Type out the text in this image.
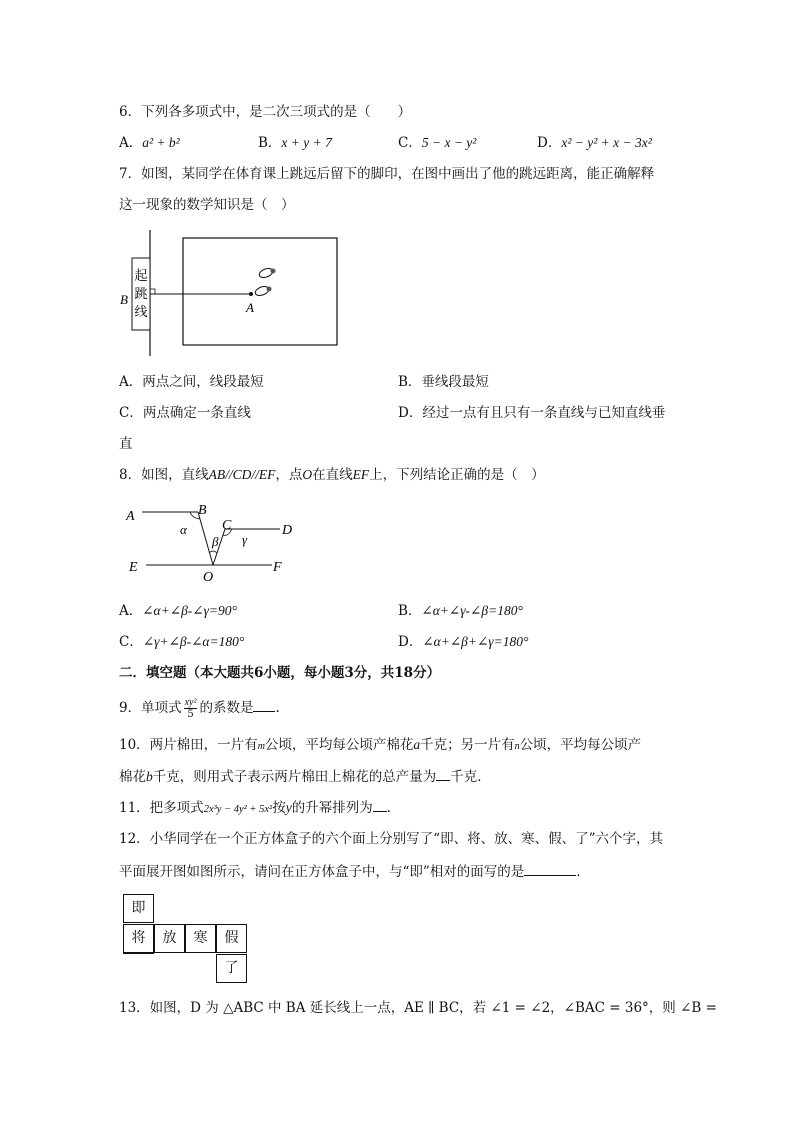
6．下列各多项式中，是二次三项式的是（　　）
A．a² + b²	B．x + y + 7	C．5 − x − y²	D．x² − y² + x − 3x²
7．如图，某同学在体育课上跳远后留下的脚印，在图中画出了他的跳远距离，能正确解释
这一现象的数学知识是（　）
起
跳
线
B
A
A．两点之间，线段最短	B．垂线段最短
C．两点确定一条直线	D．经过一点有且只有一条直线与已知直线垂
直
8．如图，直线AB//CD//EF，点O在直线EF上，下列结论正确的是（　）
A	B
C	D
E	F
O
α
β γ
A．∠α+∠β-∠γ=90°	B．∠α+∠γ-∠β=180°
C．∠γ+∠β-∠α=180°	D．∠α+∠β+∠γ=180°
二．填空题（本大题共6小题，每小题3分，共18分）
9．单项式 $\frac{\text{xy²}}{5}$ 的系数是 .
10．两片棉田，一片有m公顷，平均每公顷产棉花a千克；另一片有n公顷，平均每公顷产
棉花b千克，则用式子表示两片棉田上棉花的总产量为 千克．
11．把多项式2x³y − 4y² + 5x²按y的升幂排列为 ．
12．小华同学在一个正方体盒子的六个面上分别写了“即、将、放、寒、假、了”六个字，其
平面展开图如图所示，请问在正方体盒子中，与“即”相对的面写的是	．
即
将	放	寒	假
了
13．如图，D 为 △ABC 中 BA 延长线上一点，AE ∥ BC，若 ∠1 = ∠2，∠BAC = 36°，则 ∠B =
